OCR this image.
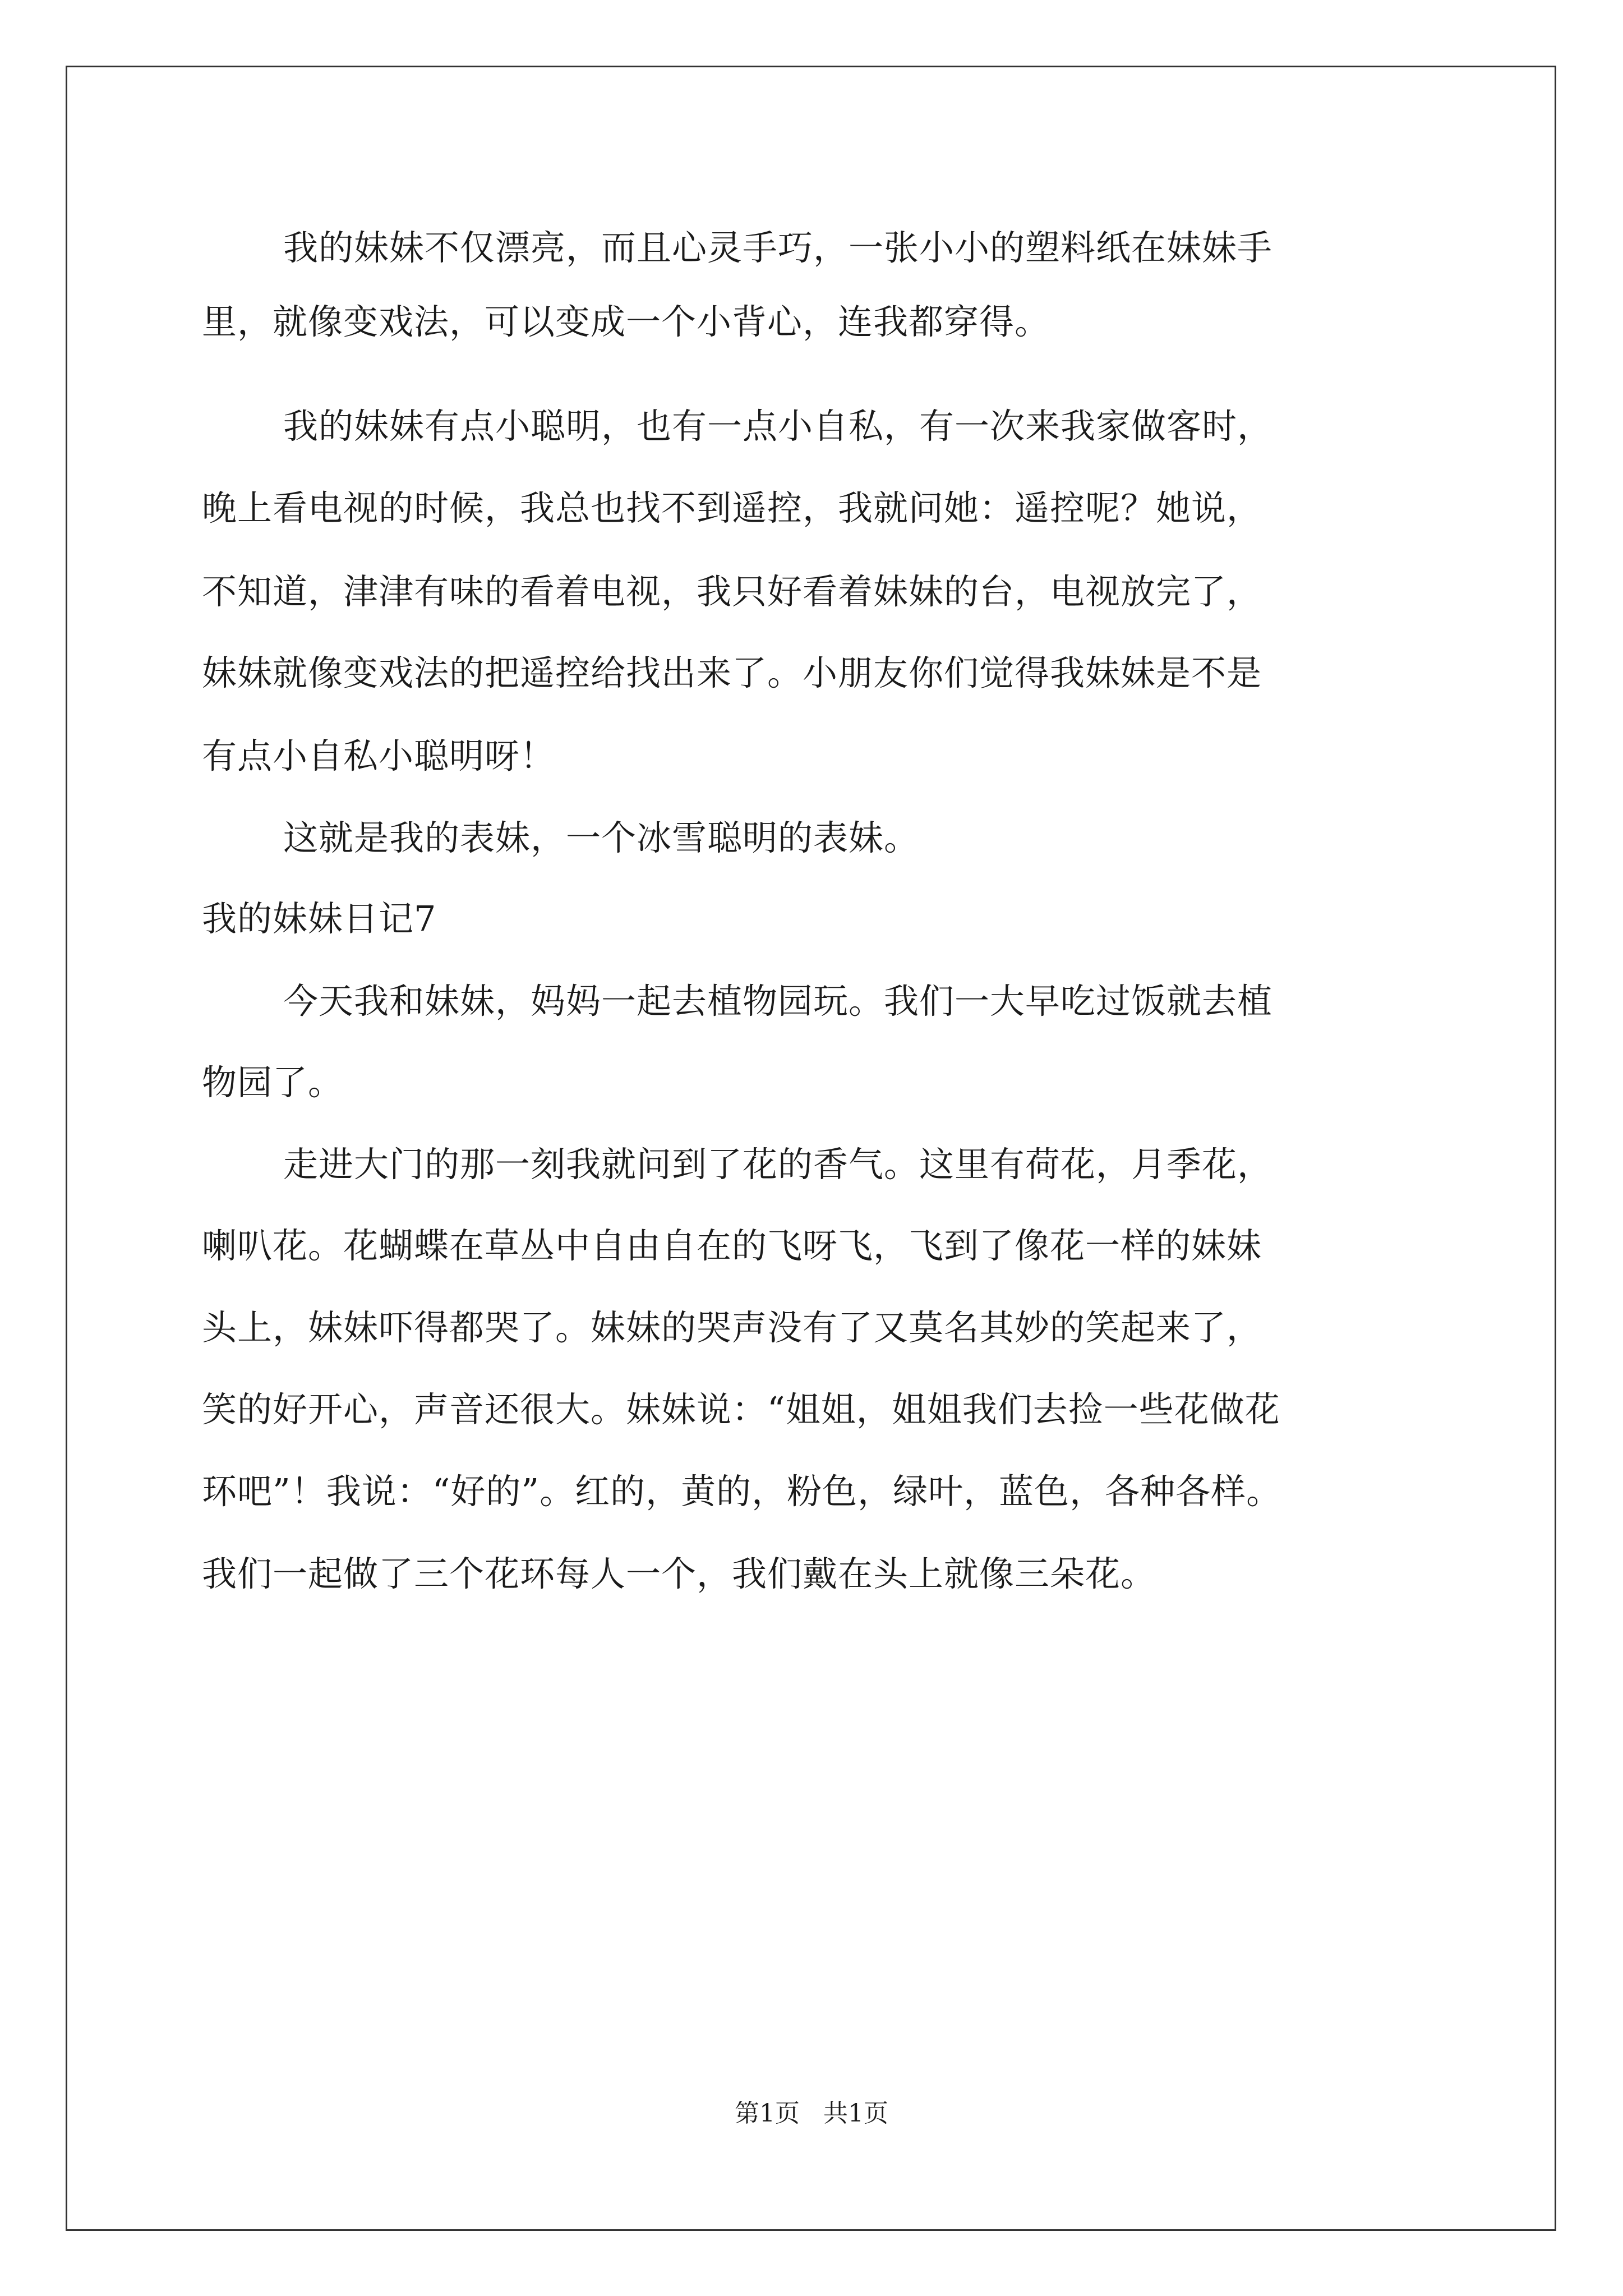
我的妹妹不仅漂亮，而且心灵手巧，一张小小的塑料纸在妹妹手
里，就像变戏法，可以变成一个小背心，连我都穿得。
我的妹妹有点小聪明，也有一点小自私，有一次来我家做客时，
晚上看电视的时候，我总也找不到遥控，我就问她：遥控呢？她说，
不知道，津津有味的看着电视，我只好看着妹妹的台，电视放完了，
妹妹就像变戏法的把遥控给找出来了。小朋友你们觉得我妹妹是不是
有点小自私小聪明呀！
这就是我的表妹，一个冰雪聪明的表妹。
我的妹妹日记7
今天我和妹妹，妈妈一起去植物园玩。我们一大早吃过饭就去植
物园了。
走进大门的那一刻我就问到了花的香气。这里有荷花，月季花，
喇叭花。花蝴蝶在草丛中自由自在的飞呀飞，飞到了像花一样的妹妹
头上，妹妹吓得都哭了。妹妹的哭声没有了又莫名其妙的笑起来了，
笑的好开心，声音还很大。妹妹说：“姐姐，姐姐我们去捡一些花做花
环吧”！我说：“好的”。红的，黄的，粉色，绿叶，蓝色，各种各样。
我们一起做了三个花环每人一个，我们戴在头上就像三朵花。
第1页 共1页
